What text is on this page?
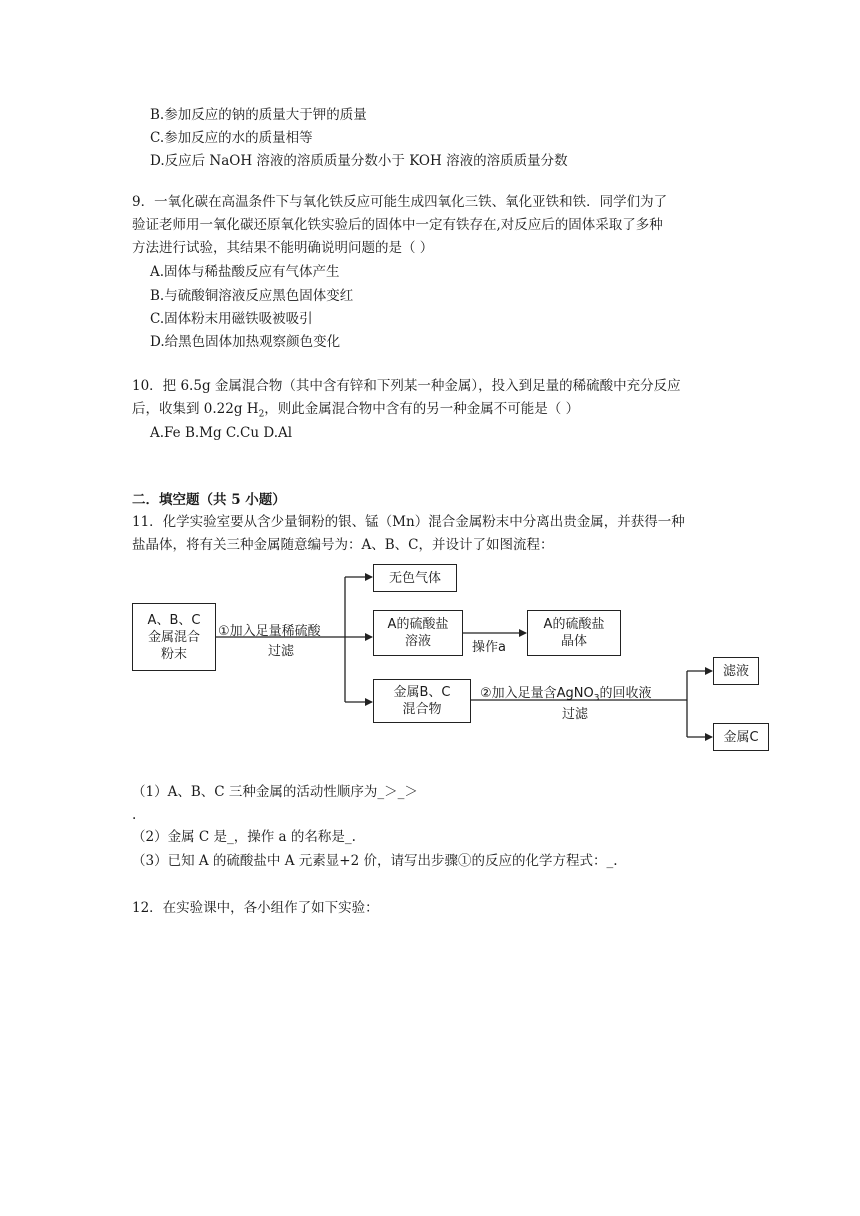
B.参加反应的钠的质量大于钾的质量
C.参加反应的水的质量相等
D.反应后 NaOH 溶液的溶质质量分数小于 KOH 溶液的溶质质量分数
9．一氧化碳在高温条件下与氧化铁反应可能生成四氧化三铁、氧化亚铁和铁．同学们为了
验证老师用一氧化碳还原氧化铁实验后的固体中一定有铁存在,对反应后的固体采取了多种
方法进行试验，其结果不能明确说明问题的是（ ）
A.固体与稀盐酸反应有气体产生
B.与硫酸铜溶液反应黑色固体变红
C.固体粉末用磁铁吸被吸引
D.给黑色固体加热观察颜色变化
10．把 6.5g 金属混合物（其中含有锌和下列某一种金属），投入到足量的稀硫酸中充分反应
后，收集到 0.22g $H_2$，则此金属混合物中含有的另一种金属不可能是（ ）
A.Fe B.Mg C.Cu D.Al
二．填空题（共 5 小题）
11．化学实验室要从含少量铜粉的银、锰（Mn）混合金属粉末中分离出贵金属，并获得一种
盐晶体，将有关三种金属随意编号为：A、B、C，并设计了如图流程：
A、B、C
金属混合
粉末
①加入足量稀硫酸
过滤
无色气体
A的硫酸盐
溶液	操作a
A的硫酸盐
晶体
金属B、C
混合物
②加入足量含AgNO$_3$的回收液
过滤
滤液
金属C
（1）A、B、C 三种金属的活动性顺序为_＞_＞
.
（2）金属 C 是_，操作 a 的名称是_.
（3）已知 A 的硫酸盐中 A 元素显+2 价，请写出步骤①的反应的化学方程式：_.
12．在实验课中，各小组作了如下实验：
